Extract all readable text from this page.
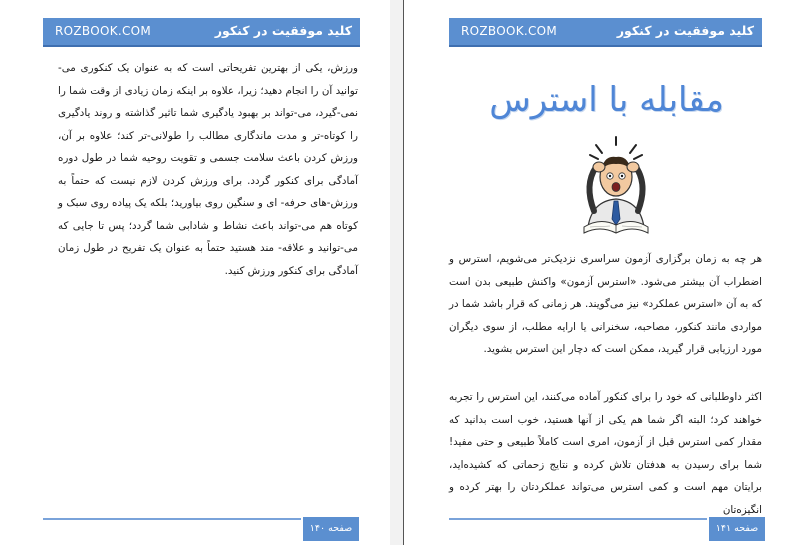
ROZBOOK.COM	کلید موفقیت در کنکور

ورزش، یکی از بهترین تفریحاتی است که به عنوان یک کنکوری می-توانید آن را انجام دهید؛ زیرا، علاوه بر اینکه زمان زیادی از وقت شما را نمی-گیرد، می-تواند بر بهبود یادگیری شما تاثیر گذاشته و روند یادگیری را کوتاه-تر و مدت ماندگاری مطالب را طولانی-تر کند؛ علاوه بر آن، ورزش کردن باعث سلامت جسمی و تقویت روحیه شما در طول دوره آمادگی برای کنکور گردد. برای ورزش کردن لازم نیست که حتماً به ورزش-های حرفه- ای و سنگین روی بیاورید؛ بلکه یک پیاده روی سبک و کوتاه هم می-تواند باعث نشاط و شادابی شما گردد؛ پس تا جایی که می-توانید و علاقه- مند هستید حتماً به عنوان یک تفریح در طول زمان آمادگی برای کنکور ورزش کنید.

صفحه ۱۴۰
ROZBOOK.COM	کلید موفقیت در کنکور
مقابله با استرس

هر چه به زمان برگزاری آزمون سراسری نزدیک‌تر می‌شویم، استرس و اضطراب آن بیشتر می‌شود. «استرس آزمون» واکنش طبیعی بدن است که به آن «استرس عملکرد» نیز می‌گویند. هر زمانی که قرار باشد شما در مواردی مانند کنکور، مصاحبه، سخنرانی یا ارایه مطلب، از سوی دیگران مورد ارزیابی قرار گیرید، ممکن است که دچار این استرس بشوید.

اکثر داوطلبانی که خود را برای کنکور آماده می‌کنند، این استرس را تجربه خواهند کرد؛ البته اگر شما هم یکی از آنها هستید، خوب است بدانید که مقدار کمی استرس قبل از آزمون، امری است کاملاً طبیعی و حتی مفید! شما برای رسیدن به هدفتان تلاش کرده و نتایج زحماتی که کشیده‌اید، برایتان مهم است و کمی استرس می‌تواند عملکردتان را بهتر کرده و انگیزه‌تان

صفحه ۱۴۱
